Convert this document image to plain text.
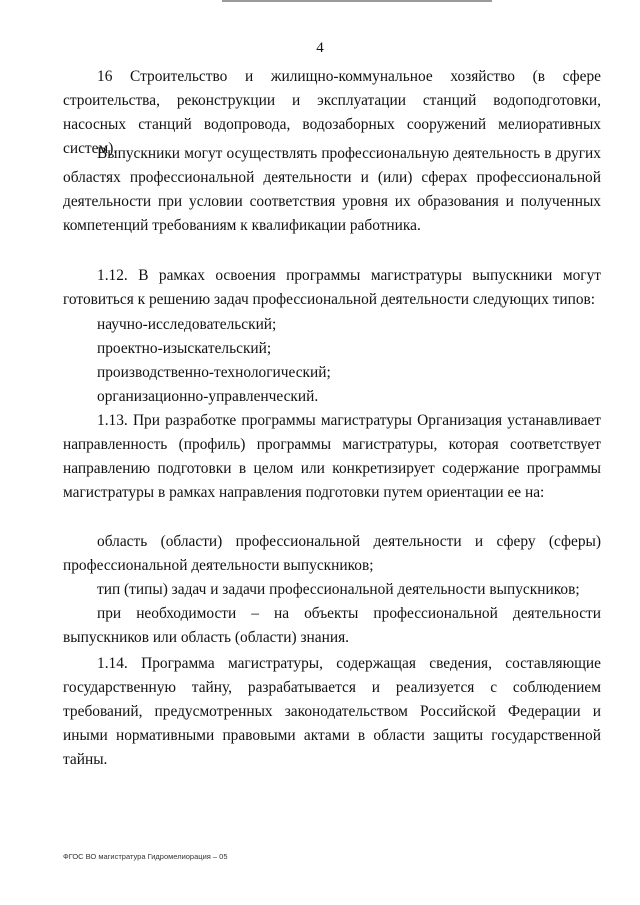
4

16 Строительство и жилищно-коммунальное хозяйство (в сфере строительства, реконструкции и эксплуатации станций водоподготовки, насосных станций водопровода, водозаборных сооружений мелиоративных систем).

Выпускники могут осуществлять профессиональную деятельность в других областях профессиональной деятельности и (или) сферах профессиональной деятельности при условии соответствия уровня их образования и полученных компетенций требованиям к квалификации работника.

1.12. В рамках освоения программы магистратуры выпускники могут готовиться к решению задач профессиональной деятельности следующих типов:

научно-исследовательский;

проектно-изыскательский;

производственно-технологический;

организационно-управленческий.

1.13. При разработке программы магистратуры Организация устанавливает направленность (профиль) программы магистратуры, которая соответствует направлению подготовки в целом или конкретизирует содержание программы магистратуры в рамках направления подготовки путем ориентации ее на:

область (области) профессиональной деятельности и сферу (сферы) профессиональной деятельности выпускников;

тип (типы) задач и задачи профессиональной деятельности выпускников;

при необходимости – на объекты профессиональной деятельности выпускников или область (области) знания.

1.14. Программа магистратуры, содержащая сведения, составляющие государственную тайну, разрабатывается и реализуется с соблюдением требований, предусмотренных законодательством Российской Федерации и иными нормативными правовыми актами в области защиты государственной тайны.

ФГОС ВО магистратура Гидромелиорация – 05
